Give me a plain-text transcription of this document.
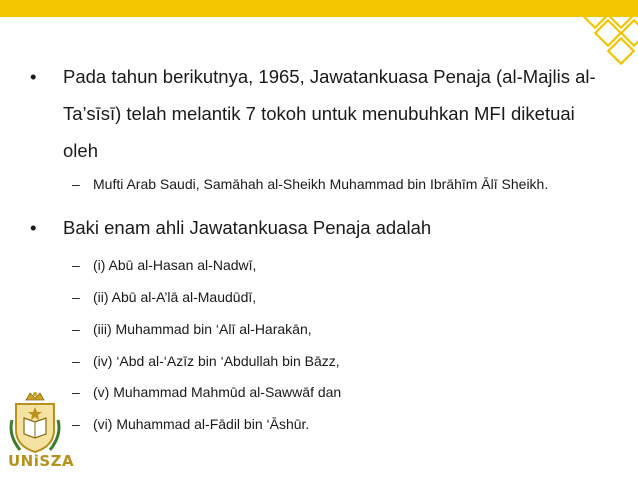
•	Pada tahun berikutnya, 1965, Jawatankuasa Penaja (al-Majlis al-
Ta’sīsī) telah melantik 7 tokoh untuk menubuhkan MFI diketuai
oleh
– Mufti Arab Saudi, Samāhah al-Sheikh Muhammad bin Ibrāhīm Ālī Sheikh.
•	Baki enam ahli Jawatankuasa Penaja adalah
– (i) Abū al-Hasan al-Nadwī,
– (ii) Abū al-A’lā al-Maudūdī,
– (iii) Muhammad bin ‘Alī al-Harakān,
– (iv) ‘Abd al-‘Azīz bin ‘Abdullah bin Bāzz,
– (v) Muhammad Mahmūd al-Sawwāf dan
– (vi) Muhammad al-Fādil bin ‘Āshūr.
UNiSZA
